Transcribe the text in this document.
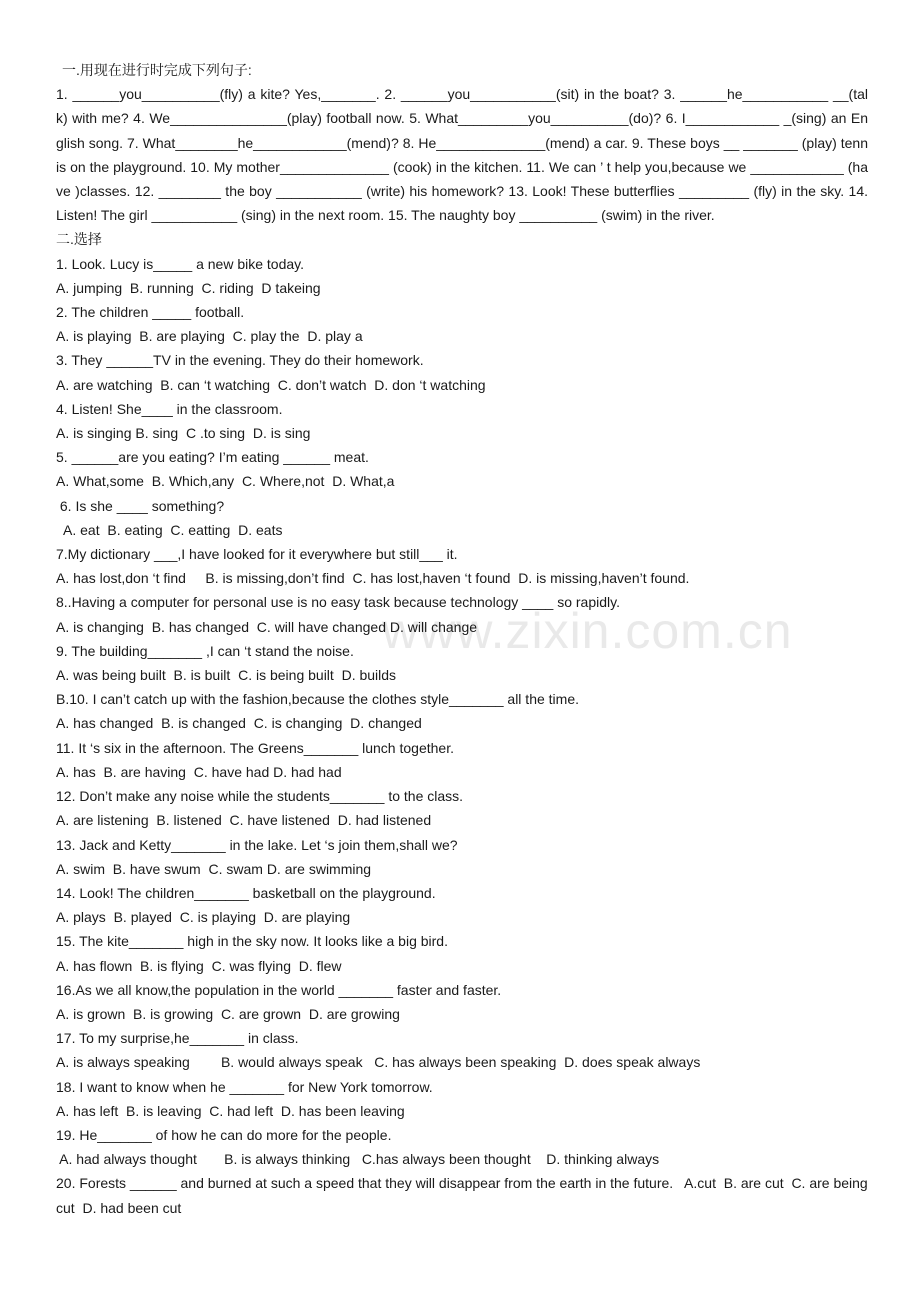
www.zixin.com.cn

一.用现在进行时完成下列句子:

1. ______you__________(fly) a kite? Yes,_______. 2. ______you___________(sit) in the boat? 3. ______he___________ __(talk) with me? 4. We_______________(play) football now. 5. What_________you__________(do)? 6. I____________ _(sing) an English song. 7. What________he____________(mend)? 8. He______________(mend) a car. 9. These boys __ _______ (play) tennis on the playground. 10. My mother______________ (cook) in the kitchen. 11. We can ’ t help you,because we ____________ (have )classes. 12. ________ the boy ___________ (write) his homework? 13. Look! These butterflies _________ (fly) in the sky. 14. Listen! The girl ___________ (sing) in the next room. 15. The naughty boy __________ (swim) in the river.

二.选择

1. Look. Lucy is_____ a new bike today.

A. jumping  B. running  C. riding  D takeing

2. The children _____ football.

A. is playing  B. are playing  C. play the  D. play a

3. They ______TV in the evening. They do their homework.

A. are watching  B. can ‘t watching  C. don’t watch  D. don ‘t watching

4. Listen! She____ in the classroom.

A. is singing B. sing  C .to sing  D. is sing

5. ______are you eating? I’m eating ______ meat.

A. What,some  B. Which,any  C. Where,not  D. What,a

6. Is she ____ something?

A. eat  B. eating  C. eatting  D. eats

7.My dictionary ___,I have looked for it everywhere but still___ it.

A. has lost,don ‘t find     B. is missing,don’t find  C. has lost,haven ‘t found  D. is missing,haven’t found.

8..Having a computer for personal use is no easy task because technology ____ so rapidly.

A. is changing  B. has changed  C. will have changed D. will change

9. The building_______ ,I can ‘t stand the noise.

A. was being built  B. is built  C. is being built  D. builds

B.10. I can’t catch up with the fashion,because the clothes style_______ all the time.

A. has changed  B. is changed  C. is changing  D. changed

11. It ‘s six in the afternoon. The Greens_______ lunch together.

A. has  B. are having  C. have had D. had had

12. Don’t make any noise while the students_______ to the class.

A. are listening  B. listened  C. have listened  D. had listened

13. Jack and Ketty_______ in the lake. Let ‘s join them,shall we?

A. swim  B. have swum  C. swam D. are swimming

14. Look! The children_______ basketball on the playground.

A. plays  B. played  C. is playing  D. are playing

15. The kite_______ high in the sky now. It looks like a big bird.

A. has flown  B. is flying  C. was flying  D. flew

16.As we all know,the population in the world _______ faster and faster.

A. is grown  B. is growing  C. are grown  D. are growing

17. To my surprise,he_______ in class.

A. is always speaking        B. would always speak   C. has always been speaking  D. does speak always

18. I want to know when he _______ for New York tomorrow.

A. has left  B. is leaving  C. had left  D. has been leaving

19. He_______ of how he can do more for the people.

A. had always thought       B. is always thinking   C.has always been thought    D. thinking always

20. Forests ______ and burned at such a speed that they will disappear from the earth in the future.   A.cut  B. are cut  C. are being cut  D. had been cut
